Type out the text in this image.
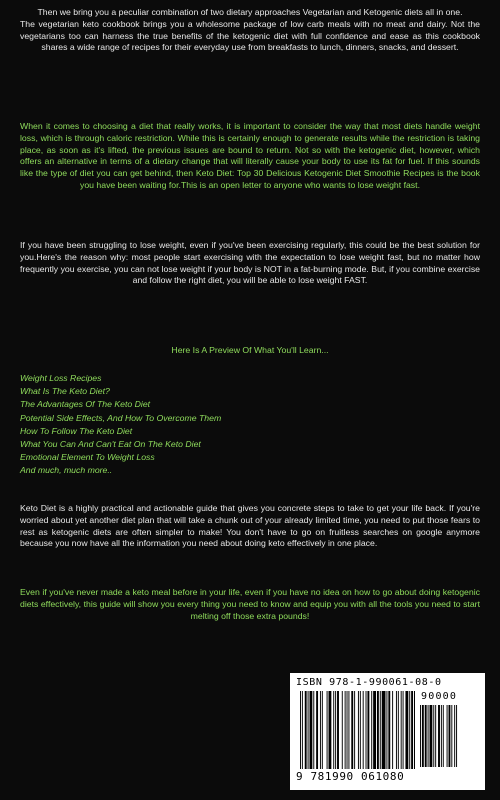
Then we bring you a peculiar combination of two dietary approaches Vegetarian and Ketogenic diets all in one.
The vegetarian keto cookbook brings you a wholesome package of low carb meals with no meat and dairy. Not the vegetarians too can harness the true benefits of the ketogenic diet with full confidence and ease as this cookbook shares a wide range of recipes for their everyday use from breakfasts to lunch, dinners, snacks, and dessert.

When it comes to choosing a diet that really works, it is important to consider the way that most diets handle weight loss, which is through caloric restriction. While this is certainly enough to generate results while the restriction is taking place, as soon as it's lifted, the previous issues are bound to return. Not so with the ketogenic diet, however, which offers an alternative in terms of a dietary change that will literally cause your body to use its fat for fuel. If this sounds like the type of diet you can get behind, then Keto Diet: Top 30 Delicious Ketogenic Diet Smoothie Recipes is the book you have been waiting for.This is an open letter to anyone who wants to lose weight fast.

If you have been struggling to lose weight, even if you've been exercising regularly, this could be the best solution for you.Here's the reason why: most people start exercising with the expectation to lose weight fast, but no matter how frequently you exercise, you can not lose weight if your body is NOT in a fat-burning mode. But, if you combine exercise and follow the right diet, you will be able to lose weight FAST.

Here Is A Preview Of What You'll Learn...
Weight Loss Recipes
What Is The Keto Diet?
The Advantages Of The Keto Diet
Potential Side Effects, And How To Overcome Them
How To Follow The Keto Diet
What You Can And Can't Eat On The Keto Diet
Emotional Element To Weight Loss
And much, much more..

Keto Diet is a highly practical and actionable guide that gives you concrete steps to take to get your life back. If you're worried about yet another diet plan that will take a chunk out of your already limited time, you need to put those fears to rest as ketogenic diets are often simpler to make! You don't have to go on fruitless searches on google anymore because you now have all the information you need about doing keto effectively in one place.

Even if you've never made a keto meal before in your life, even if you have no idea on how to go about doing ketogenic diets effectively, this guide will show you every thing you need to know and equip you with all the tools you need to start melting off those extra pounds!

ISBN 978-1-990061-08-0
90000
9 781990 061080
